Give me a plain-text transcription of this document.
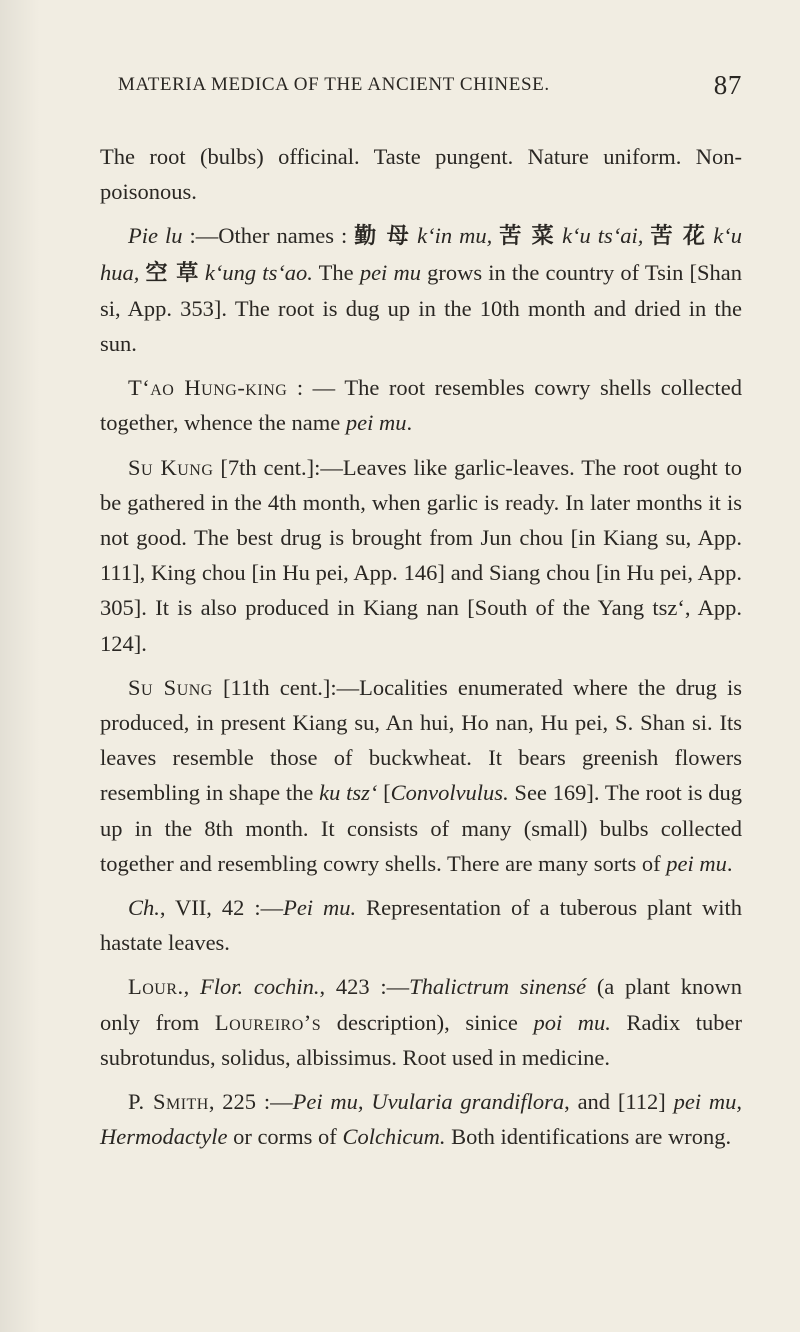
MATERIA MEDICA OF THE ANCIENT CHINESE.	87

The root (bulbs) officinal. Taste pungent. Nature uniform. Non-poisonous.

Pie lu :—Other names : 勤 母 k‘in mu, 苦 菜 k‘u ts‘ai, 苦 花 k‘u hua, 空 草 k‘ung ts‘ao. The pei mu grows in the country of Tsin [Shan si, App. 353]. The root is dug up in the 10th month and dried in the sun.

T‘ao Hung-king : — The root resembles cowry shells collected together, whence the name pei mu.

Su Kung [7th cent.]:—Leaves like garlic-leaves. The root ought to be gathered in the 4th month, when garlic is ready. In later months it is not good. The best drug is brought from Jun chou [in Kiang su, App. 111], King chou [in Hu pei, App. 146] and Siang chou [in Hu pei, App. 305]. It is also produced in Kiang nan [South of the Yang tsz‘, App. 124].

Su Sung [11th cent.]:—Localities enumerated where the drug is produced, in present Kiang su, An hui, Ho nan, Hu pei, S. Shan si. Its leaves resemble those of buckwheat. It bears greenish flowers resembling in shape the ku tsz‘ [Convolvulus. See 169]. The root is dug up in the 8th month. It consists of many (small) bulbs collected together and resembling cowry shells. There are many sorts of pei mu.

Ch., VII, 42 :—Pei mu. Representation of a tuberous plant with hastate leaves.

Lour., Flor. cochin., 423 :—Thalictrum sinensé (a plant known only from Loureiro’s description), sinice poi mu. Radix tuber subrotundus, solidus, albissimus. Root used in medicine.

P. Smith, 225 :—Pei mu, Uvularia grandiflora, and [112] pei mu, Hermodactyle or corms of Colchicum. Both identifications are wrong.
